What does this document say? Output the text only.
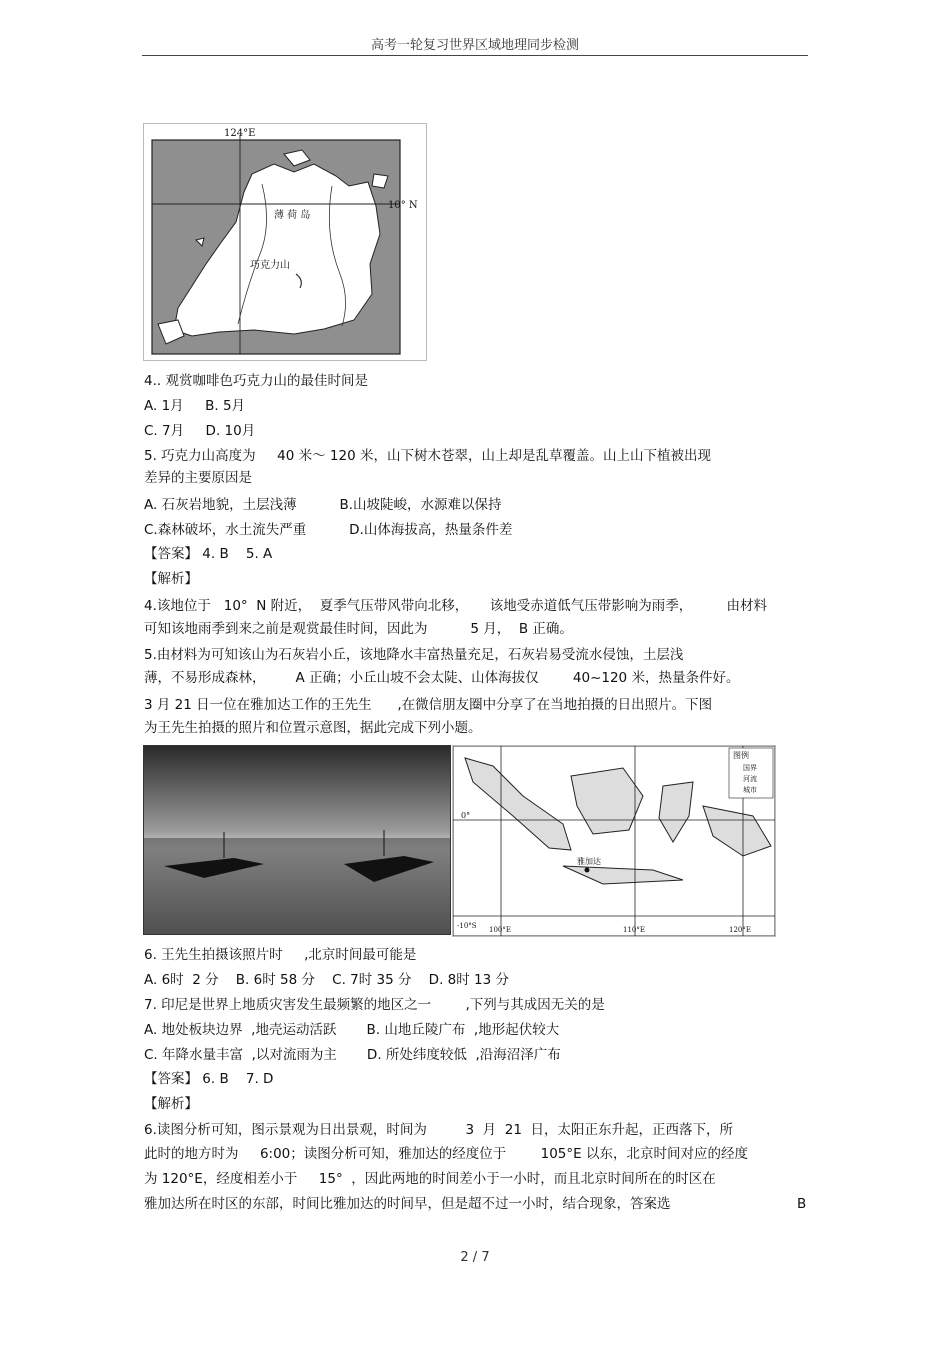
高考一轮复习世界区域地理同步检测
124°E
10° N
薄 荷 岛
巧克力山
4.. 观赏咖啡色巧克力山的最佳时间是
A. 1月     B. 5月
C. 7月     D. 10月
5. 巧克力山高度为     40 米～ 120 米，山下树木苍翠，山上却是乱草覆盖。山上山下植被出现
差异的主要原因是
A. 石灰岩地貌，土层浅薄          B.山坡陡峻，水源难以保持
C.森林破坏，水土流失严重          D.山体海拔高，热量条件差
【答案】 4. B    5. A
【解析】
4.该地位于   10°  N 附近，  夏季气压带风带向北移，     该地受赤道低气压带影响为雨季，        由材料
可知该地雨季到来之前是观赏最佳时间，因此为          5 月，  B 正确。
5.由材料为可知该山为石灰岩小丘，该地降水丰富热量充足，石灰岩易受流水侵蚀，土层浅
薄，不易形成森林，       A 正确；小丘山坡不会太陡、山体海拔仅        40~120 米，热量条件好。
3 月 21 日一位在雅加达工作的王先生      ,在微信朋友圈中分享了在当地拍摄的日出照片。下图
为王先生拍摄的照片和位置示意图，据此完成下列小题。
雅加达
0°
-10°S 100°E	110°E	120°E
图例
国界
河流
城市
6. 王先生拍摄该照片时     ,北京时间最可能是
A. 6时  2 分    B. 6时 58 分    C. 7时 35 分    D. 8时 13 分
7. 印尼是世界上地质灾害发生最频繁的地区之一        ,下列与其成因无关的是
A. 地处板块边界  ,地壳运动活跃       B. 山地丘陵广布  ,地形起伏较大
C. 年降水量丰富  ,以对流雨为主       D. 所处纬度较低  ,沿海沼泽广布
【答案】 6. B    7. D
【解析】
6.读图分析可知，图示景观为日出景观，时间为         3  月  21  日，太阳正东升起，正西落下，所
此时的地方时为     6:00；读图分析可知，雅加达的经度位于        105°E 以东，北京时间对应的经度
为 120°E，经度相差小于     15°  ，因此两地的时间差小于一小时，而且北京时间所在的时区在
雅加达所在时区的东部，时间比雅加达的时间早，但是超不过一小时，结合现象，答案选	B
2 / 7
